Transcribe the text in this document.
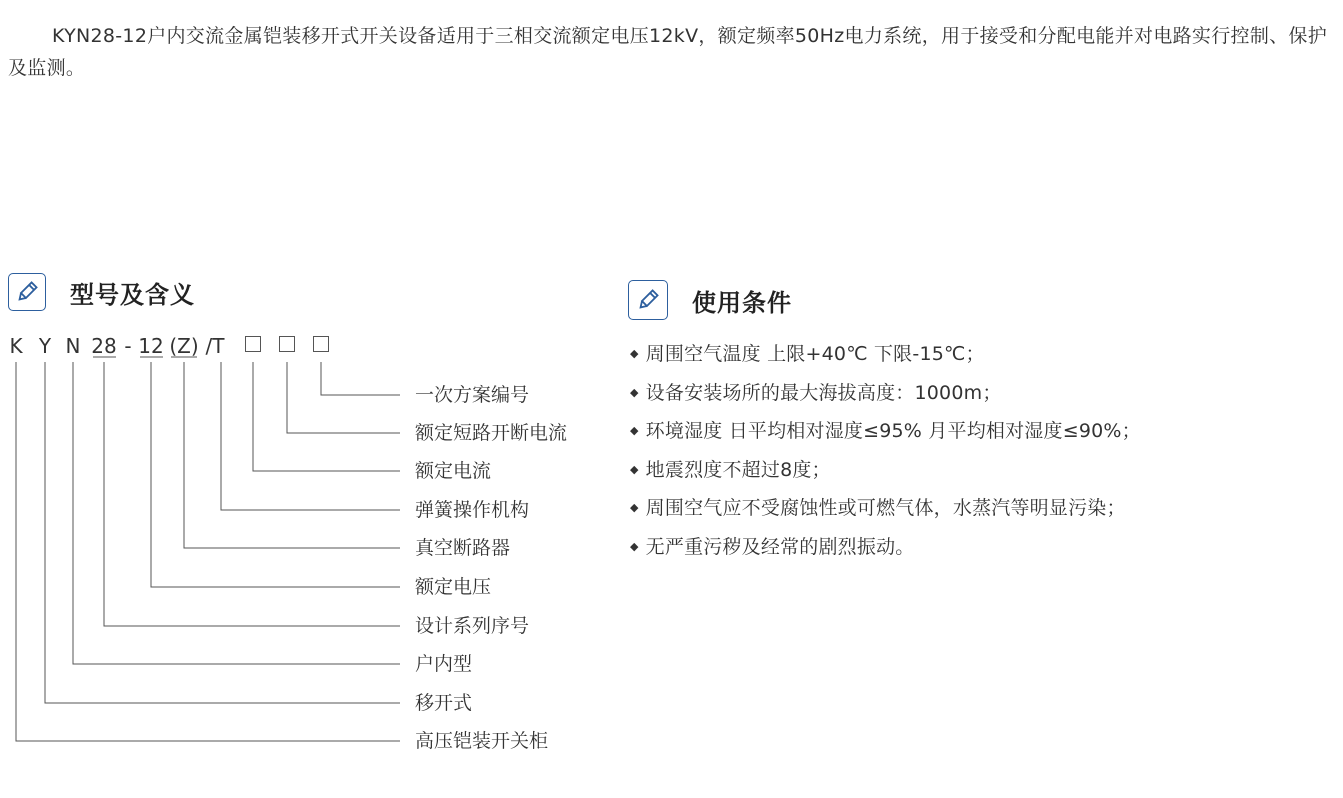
KYN28-12户内交流金属铠装移开式开关设备适用于三相交流额定电压12kV，额定频率50Hz电力系统，用于接受和分配电能并对电路实行控制、保护及监测。

型号及含义	使用条件
K Y N 28 - 12 (Z) /T
一次方案编号
额定短路开断电流
额定电流
弹簧操作机构
真空断路器
额定电压
设计系列序号
户内型
移开式
高压铠装开关柜
◆ 周围空气温度 上限+40℃ 下限-15℃；
◆ 设备安装场所的最大海拔高度：1000m；
◆ 环境湿度 日平均相对湿度≤95% 月平均相对湿度≤90%；
◆ 地震烈度不超过8度；
◆ 周围空气应不受腐蚀性或可燃气体，水蒸汽等明显污染；
◆ 无严重污秽及经常的剧烈振动。
